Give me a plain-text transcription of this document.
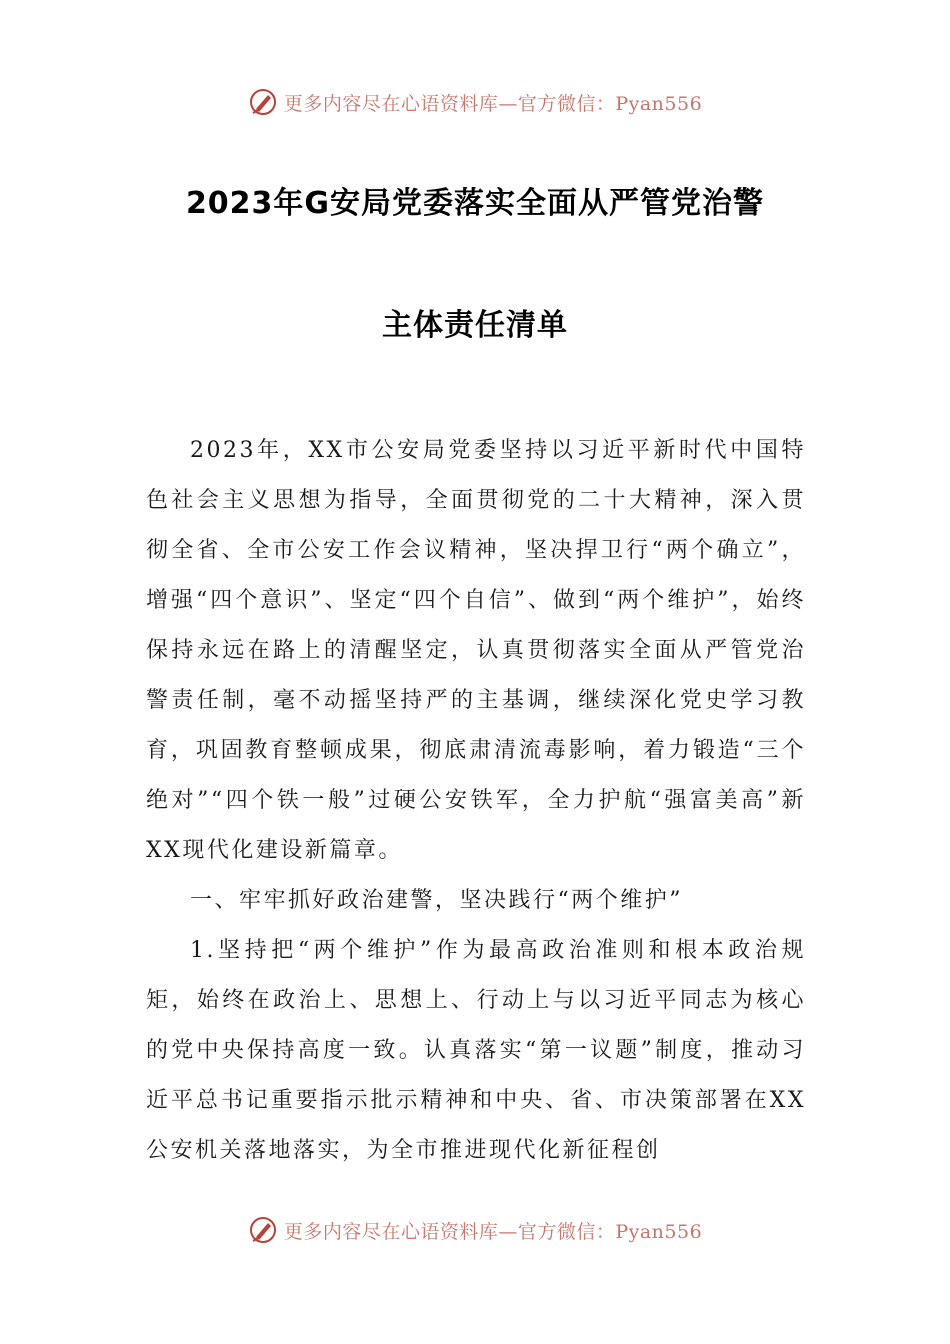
更多内容尽在心语资料库—官方微信：Pyan556
2023年G安局党委落实全面从严管党治警
主体责任清单

2023年，XX市公安局党委坚持以习近平新时代中国特色社会主义思想为指导，全面贯彻党的二十大精神，深入贯彻全省、全市公安工作会议精神，坚决捍卫行“两个确立”，增强“四个意识”、坚定“四个自信”、做到“两个维护”，始终保持永远在路上的清醒坚定，认真贯彻落实全面从严管党治警责任制，毫不动摇坚持严的主基调，继续深化党史学习教育，巩固教育整顿成果，彻底肃清流毒影响，着力锻造“三个绝对”“四个铁一般”过硬公安铁军，全力护航“强富美高”新XX现代化建设新篇章。

一、牢牢抓好政治建警，坚决践行“两个维护”

1.坚持把“两个维护”作为最高政治准则和根本政治规矩，始终在政治上、思想上、行动上与以习近平同志为核心的党中央保持高度一致。认真落实“第一议题”制度，推动习近平总书记重要指示批示精神和中央、省、市决策部署在XX公安机关落地落实，为全市推进现代化新征程创

更多内容尽在心语资料库—官方微信：Pyan556
